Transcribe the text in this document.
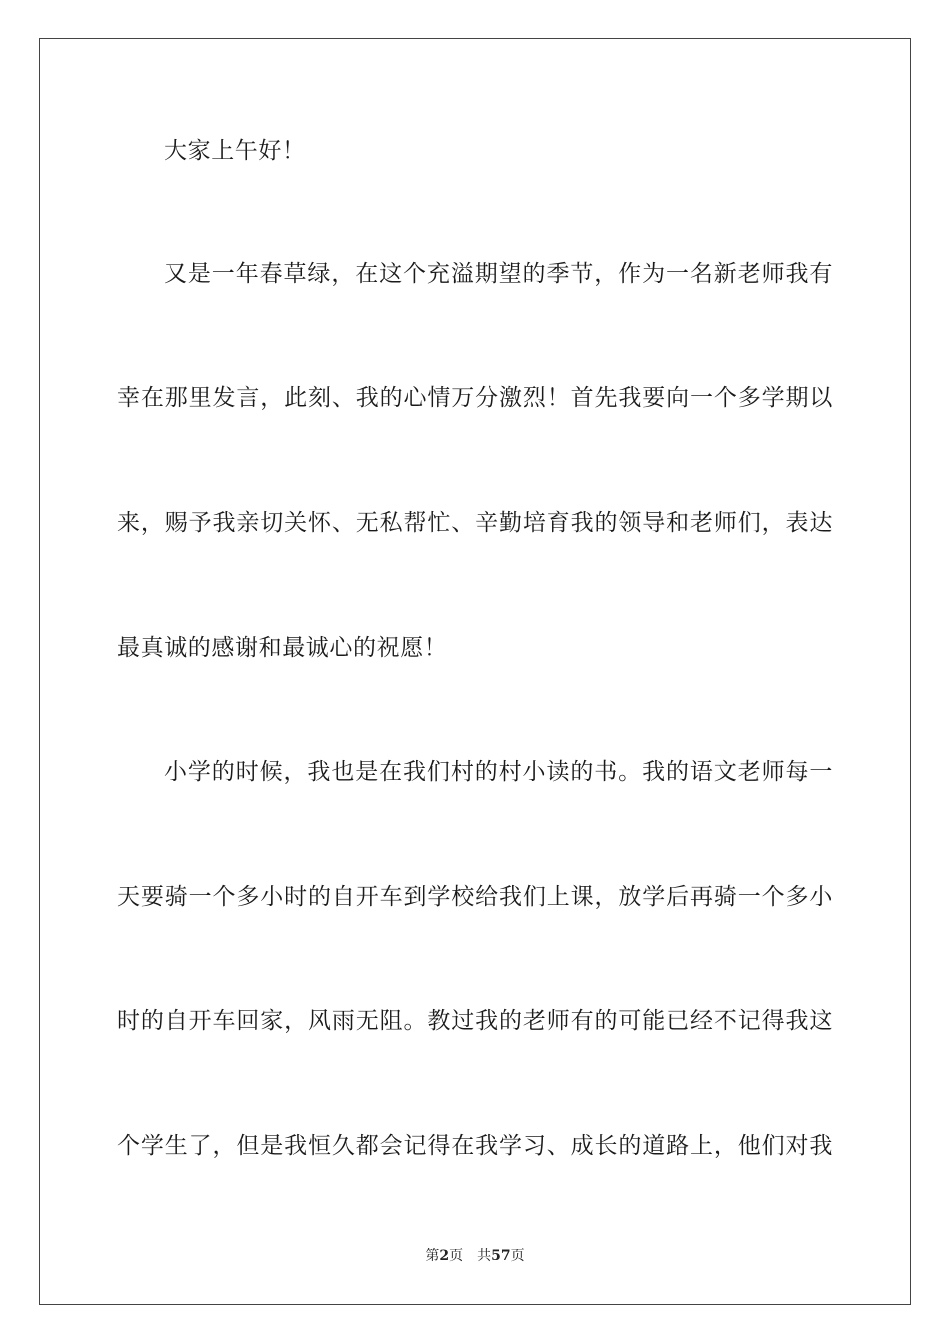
大家上午好！
又是一年春草绿，在这个充溢期望的季节，作为一名新老师我有
幸在那里发言，此刻、我的心情万分激烈！首先我要向一个多学期以
来，赐予我亲切关怀、无私帮忙、辛勤培育我的领导和老师们，表达
最真诚的感谢和最诚心的祝愿！
小学的时候，我也是在我们村的村小读的书。我的语文老师每一
天要骑一个多小时的自开车到学校给我们上课，放学后再骑一个多小
时的自开车回家，风雨无阻。教过我的老师有的可能已经不记得我这
个学生了，但是我恒久都会记得在我学习、成长的道路上，他们对我
第2页 共57页
